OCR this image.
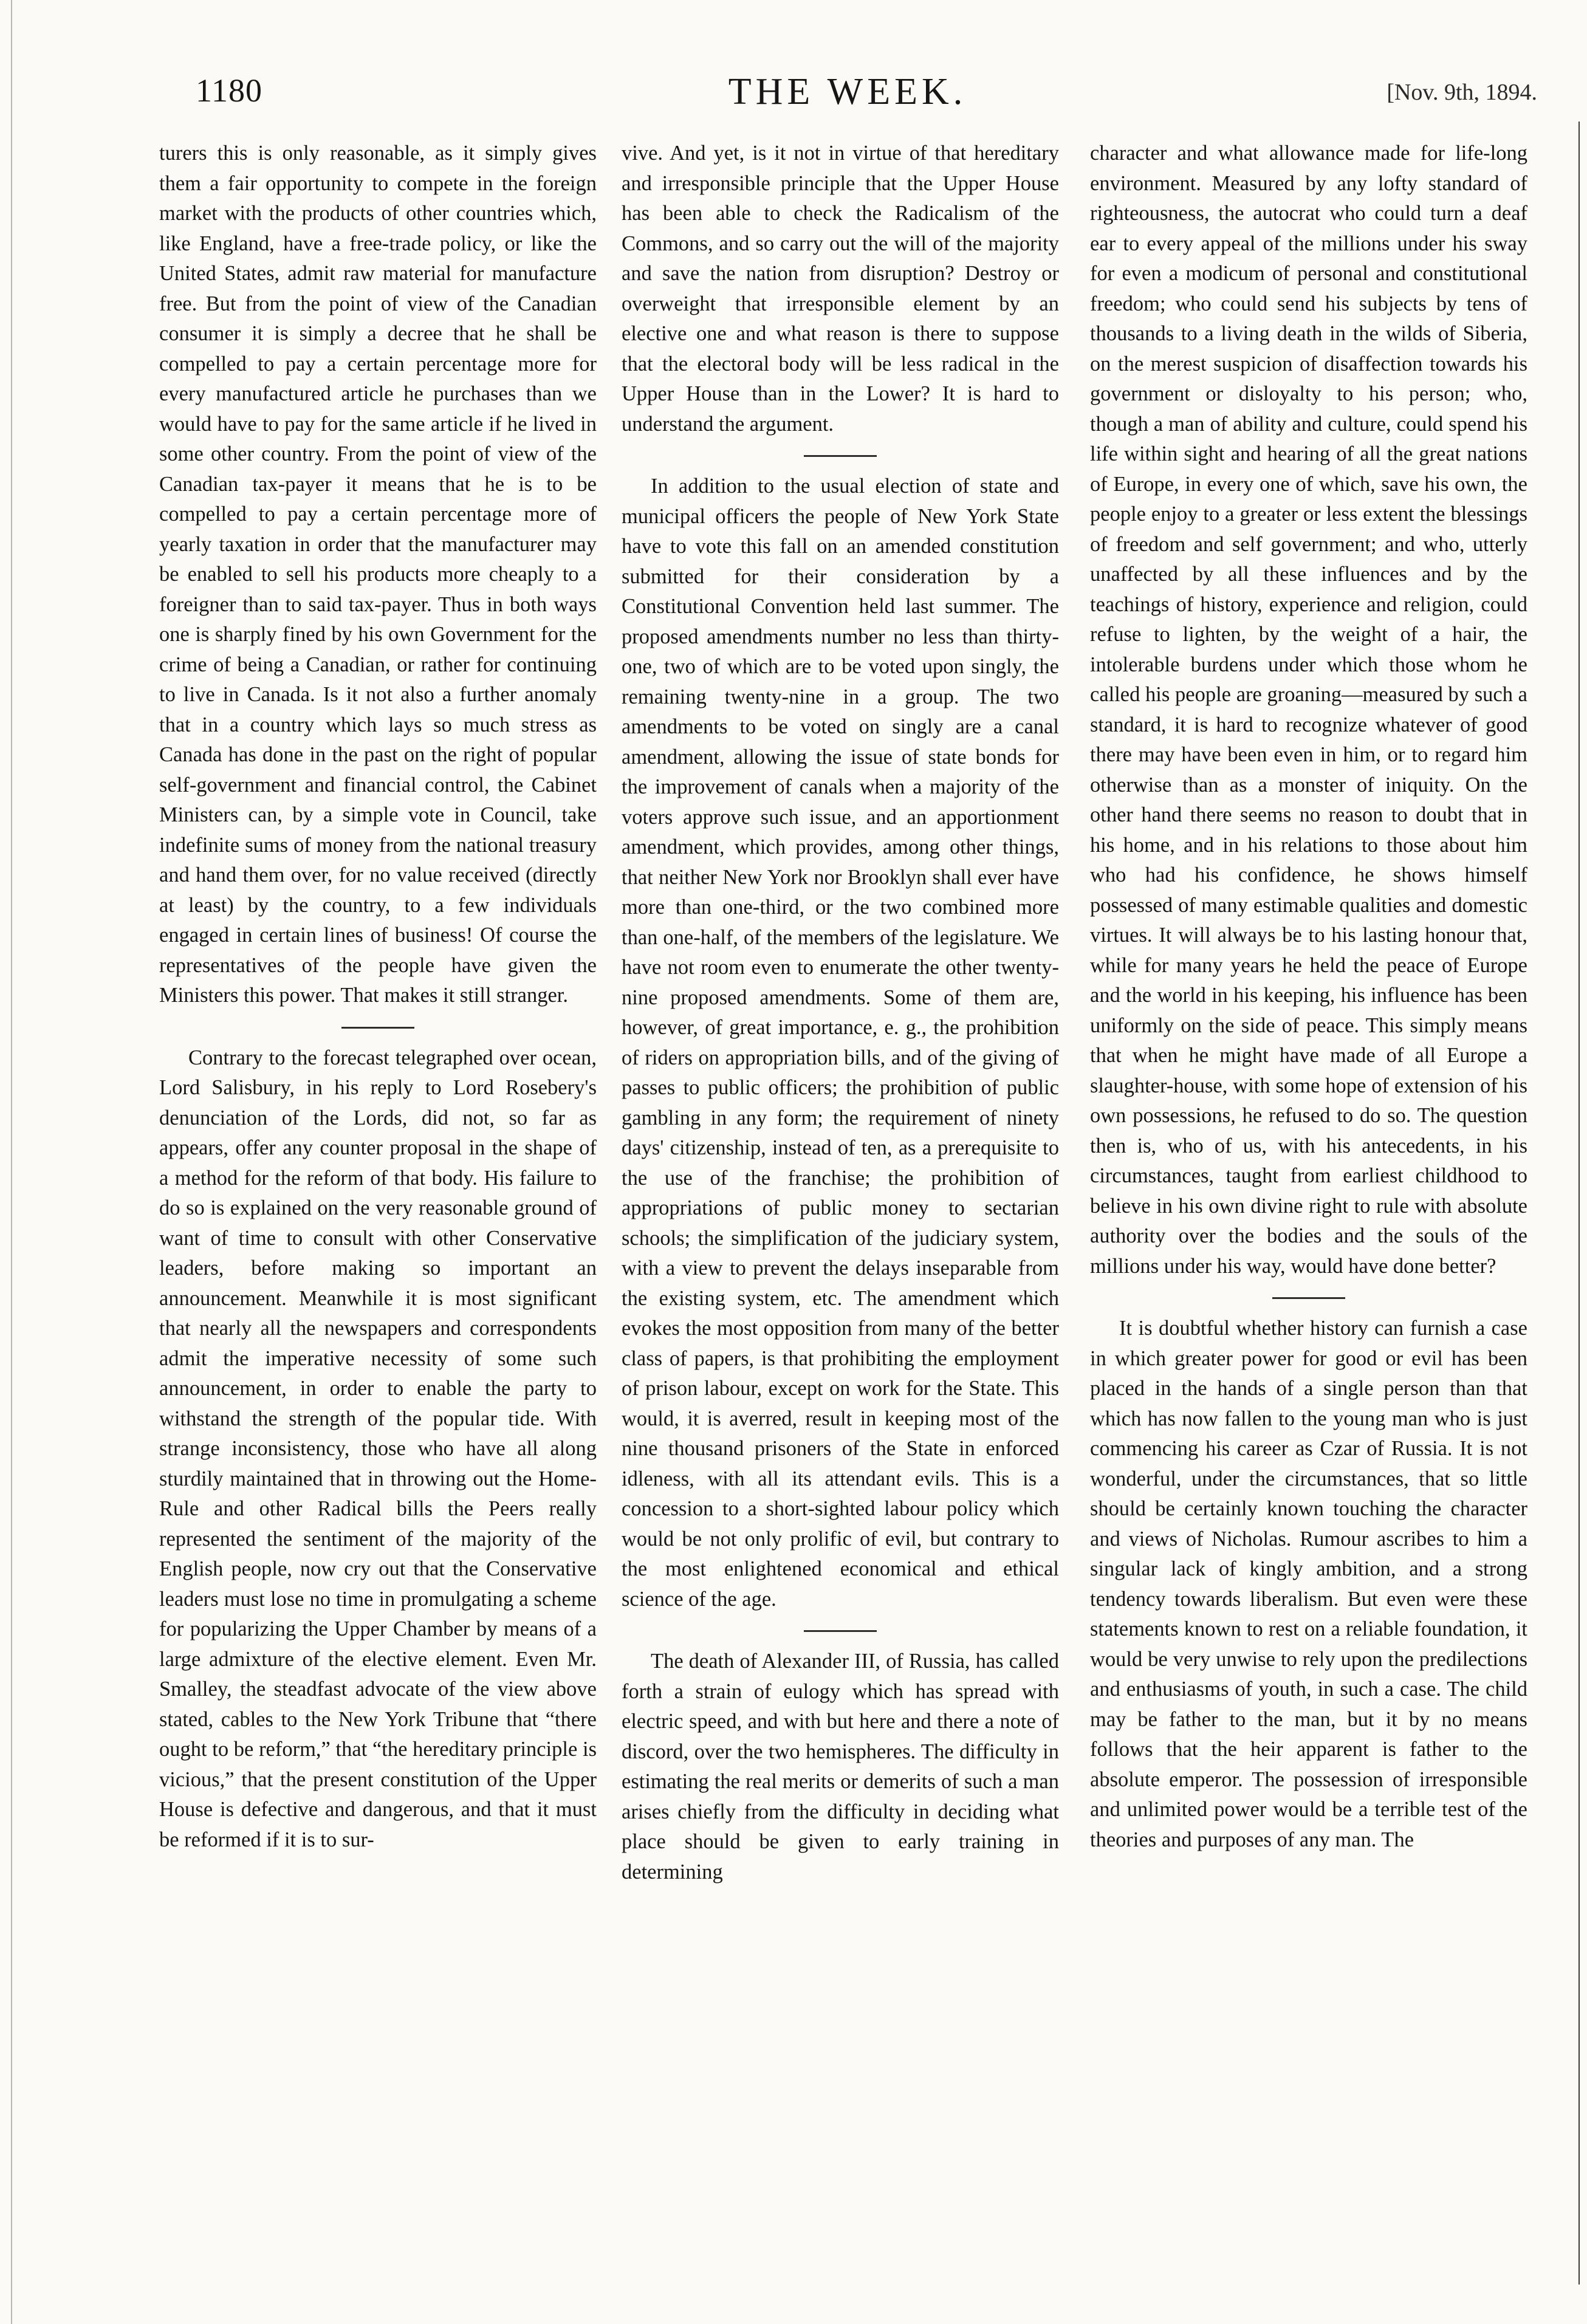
1180	THE WEEK.	[Nov. 9th, 1894.

turers this is only reasonable, as it simply gives them a fair opportunity to compete in the foreign market with the products of other countries which, like England, have a free-trade policy, or like the United States, admit raw material for manufacture free. But from the point of view of the Canadian consumer it is simply a decree that he shall be compelled to pay a certain percentage more for every manufactured article he purchases than we would have to pay for the same article if he lived in some other country. From the point of view of the Canadian tax-payer it means that he is to be compelled to pay a certain percentage more of yearly taxation in order that the manufacturer may be enabled to sell his products more cheaply to a foreigner than to said tax-payer. Thus in both ways one is sharply fined by his own Government for the crime of being a Canadian, or rather for continuing to live in Canada. Is it not also a further anomaly that in a country which lays so much stress as Canada has done in the past on the right of popular self-government and financial control, the Cabinet Ministers can, by a simple vote in Council, take indefinite sums of money from the national treasury and hand them over, for no value received (directly at least) by the country, to a few individuals engaged in certain lines of business! Of course the representatives of the people have given the Ministers this power. That makes it still stranger.

Contrary to the forecast telegraphed over ocean, Lord Salisbury, in his reply to Lord Rosebery's denunciation of the Lords, did not, so far as appears, offer any counter proposal in the shape of a method for the reform of that body. His failure to do so is explained on the very reasonable ground of want of time to consult with other Conservative leaders, before making so important an announcement. Meanwhile it is most significant that nearly all the newspapers and correspondents admit the imperative necessity of some such announcement, in order to enable the party to withstand the strength of the popular tide. With strange inconsistency, those who have all along sturdily maintained that in throwing out the Home-Rule and other Radical bills the Peers really represented the sentiment of the majority of the English people, now cry out that the Conservative leaders must lose no time in promulgating a scheme for popularizing the Upper Chamber by means of a large admixture of the elective element. Even Mr. Smalley, the steadfast advocate of the view above stated, cables to the New York Tribune that “there ought to be reform,” that “the hereditary principle is vicious,” that the present constitution of the Upper House is defective and dangerous, and that it must be reformed if it is to sur-

vive. And yet, is it not in virtue of that hereditary and irresponsible principle that the Upper House has been able to check the Radicalism of the Commons, and so carry out the will of the majority and save the nation from disruption? Destroy or overweight that irresponsible element by an elective one and what reason is there to suppose that the electoral body will be less radical in the Upper House than in the Lower? It is hard to understand the argument.

In addition to the usual election of state and municipal officers the people of New York State have to vote this fall on an amended constitution submitted for their consideration by a Constitutional Convention held last summer. The proposed amendments number no less than thirty-one, two of which are to be voted upon singly, the remaining twenty-nine in a group. The two amendments to be voted on singly are a canal amendment, allowing the issue of state bonds for the improvement of canals when a majority of the voters approve such issue, and an apportionment amendment, which provides, among other things, that neither New York nor Brooklyn shall ever have more than one-third, or the two combined more than one-half, of the members of the legislature. We have not room even to enumerate the other twenty-nine proposed amendments. Some of them are, however, of great importance, e. g., the prohibition of riders on appropriation bills, and of the giving of passes to public officers; the prohibition of public gambling in any form; the requirement of ninety days' citizenship, instead of ten, as a prerequisite to the use of the franchise; the prohibition of appropriations of public money to sectarian schools; the simplification of the judiciary system, with a view to prevent the delays inseparable from the existing system, etc. The amendment which evokes the most opposition from many of the better class of papers, is that prohibiting the employment of prison labour, except on work for the State. This would, it is averred, result in keeping most of the nine thousand prisoners of the State in enforced idleness, with all its attendant evils. This is a concession to a short-sighted labour policy which would be not only prolific of evil, but contrary to the most enlightened economical and ethical science of the age.

The death of Alexander III, of Russia, has called forth a strain of eulogy which has spread with electric speed, and with but here and there a note of discord, over the two hemispheres. The difficulty in estimating the real merits or demerits of such a man arises chiefly from the difficulty in deciding what place should be given to early training in determining

character and what allowance made for life-long environment. Measured by any lofty standard of righteousness, the autocrat who could turn a deaf ear to every appeal of the millions under his sway for even a modicum of personal and constitutional freedom; who could send his subjects by tens of thousands to a living death in the wilds of Siberia, on the merest suspicion of disaffection towards his government or disloyalty to his person; who, though a man of ability and culture, could spend his life within sight and hearing of all the great nations of Europe, in every one of which, save his own, the people enjoy to a greater or less extent the blessings of freedom and self government; and who, utterly unaffected by all these influences and by the teachings of history, experience and religion, could refuse to lighten, by the weight of a hair, the intolerable burdens under which those whom he called his people are groaning—measured by such a standard, it is hard to recognize whatever of good there may have been even in him, or to regard him otherwise than as a monster of iniquity. On the other hand there seems no reason to doubt that in his home, and in his relations to those about him who had his confidence, he shows himself possessed of many estimable qualities and domestic virtues. It will always be to his lasting honour that, while for many years he held the peace of Europe and the world in his keeping, his influence has been uniformly on the side of peace. This simply means that when he might have made of all Europe a slaughter-house, with some hope of extension of his own possessions, he refused to do so. The question then is, who of us, with his antecedents, in his circumstances, taught from earliest childhood to believe in his own divine right to rule with absolute authority over the bodies and the souls of the millions under his way, would have done better?

It is doubtful whether history can furnish a case in which greater power for good or evil has been placed in the hands of a single person than that which has now fallen to the young man who is just commencing his career as Czar of Russia. It is not wonderful, under the circumstances, that so little should be certainly known touching the character and views of Nicholas. Rumour ascribes to him a singular lack of kingly ambition, and a strong tendency towards liberalism. But even were these statements known to rest on a reliable foundation, it would be very unwise to rely upon the predilections and enthusiasms of youth, in such a case. The child may be father to the man, but it by no means follows that the heir apparent is father to the absolute emperor. The possession of irresponsible and unlimited power would be a terrible test of the theories and purposes of any man. The
